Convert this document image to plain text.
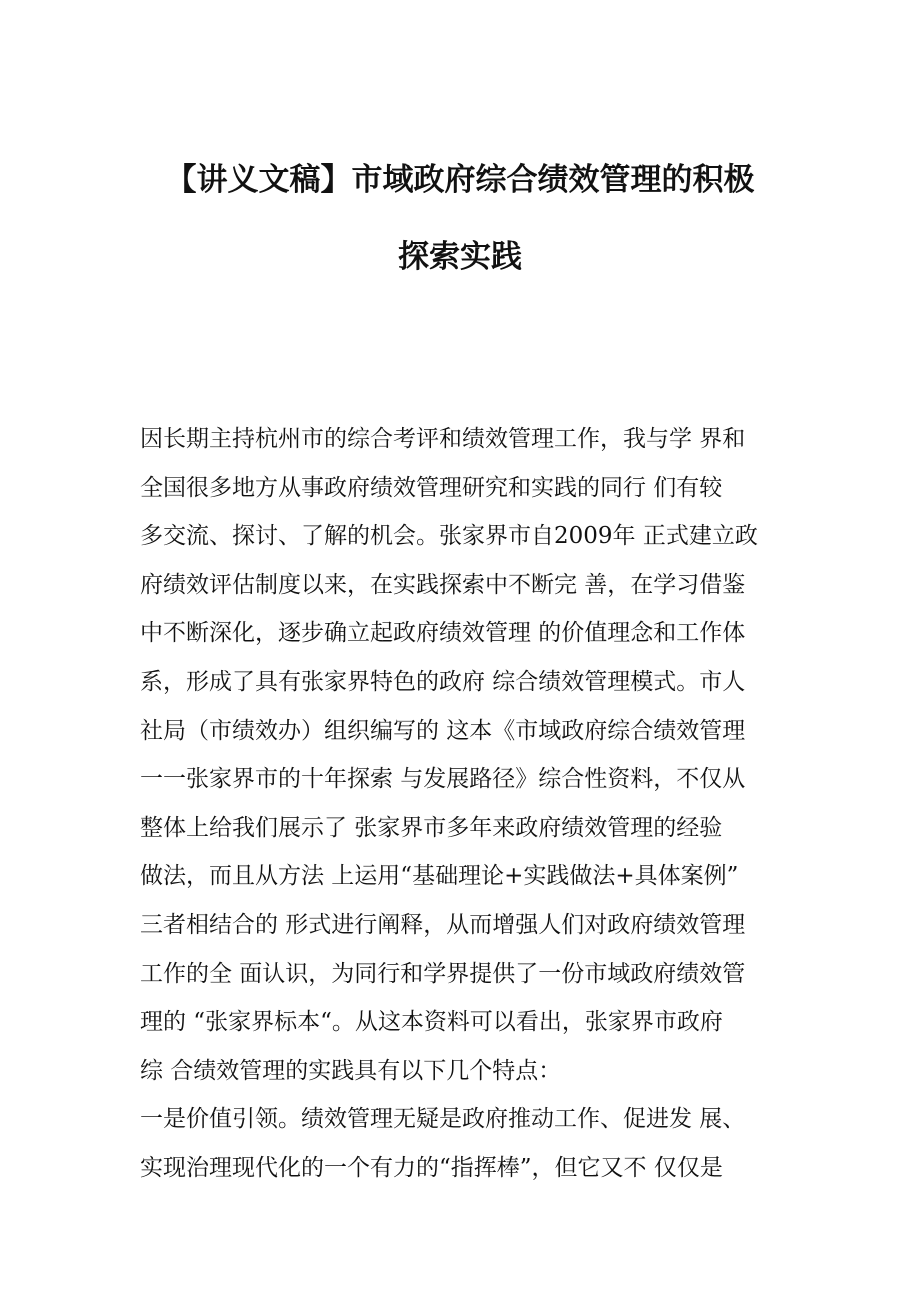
【讲义文稿】市域政府综合绩效管理的积极
探索实践
因长期主持杭州市的综合考评和绩效管理工作，我与学 界和
全国很多地方从事政府绩效管理研究和实践的同行 们有较
多交流、探讨、了解的机会。张家界市自2009年 正式建立政
府绩效评估制度以来，在实践探索中不断完 善，在学习借鉴
中不断深化，逐步确立起政府绩效管理 的价值理念和工作体
系，形成了具有张家界特色的政府 综合绩效管理模式。市人
社局（市绩效办）组织编写的 这本《市域政府综合绩效管理
一一张家界市的十年探索 与发展路径》综合性资料，不仅从
整体上给我们展示了 张家界市多年来政府绩效管理的经验
做法，而且从方法 上运用“基础理论+实践做法+具体案例”
三者相结合的 形式进行阐释，从而增强人们对政府绩效管理
工作的全 面认识，为同行和学界提供了一份市域政府绩效管
理的 “张家界标本“。从这本资料可以看出，张家界市政府
综 合绩效管理的实践具有以下几个特点：
一是价值引领。绩效管理无疑是政府推动工作、促进发 展、
实现治理现代化的一个有力的“指挥棒”，但它又不 仅仅是
